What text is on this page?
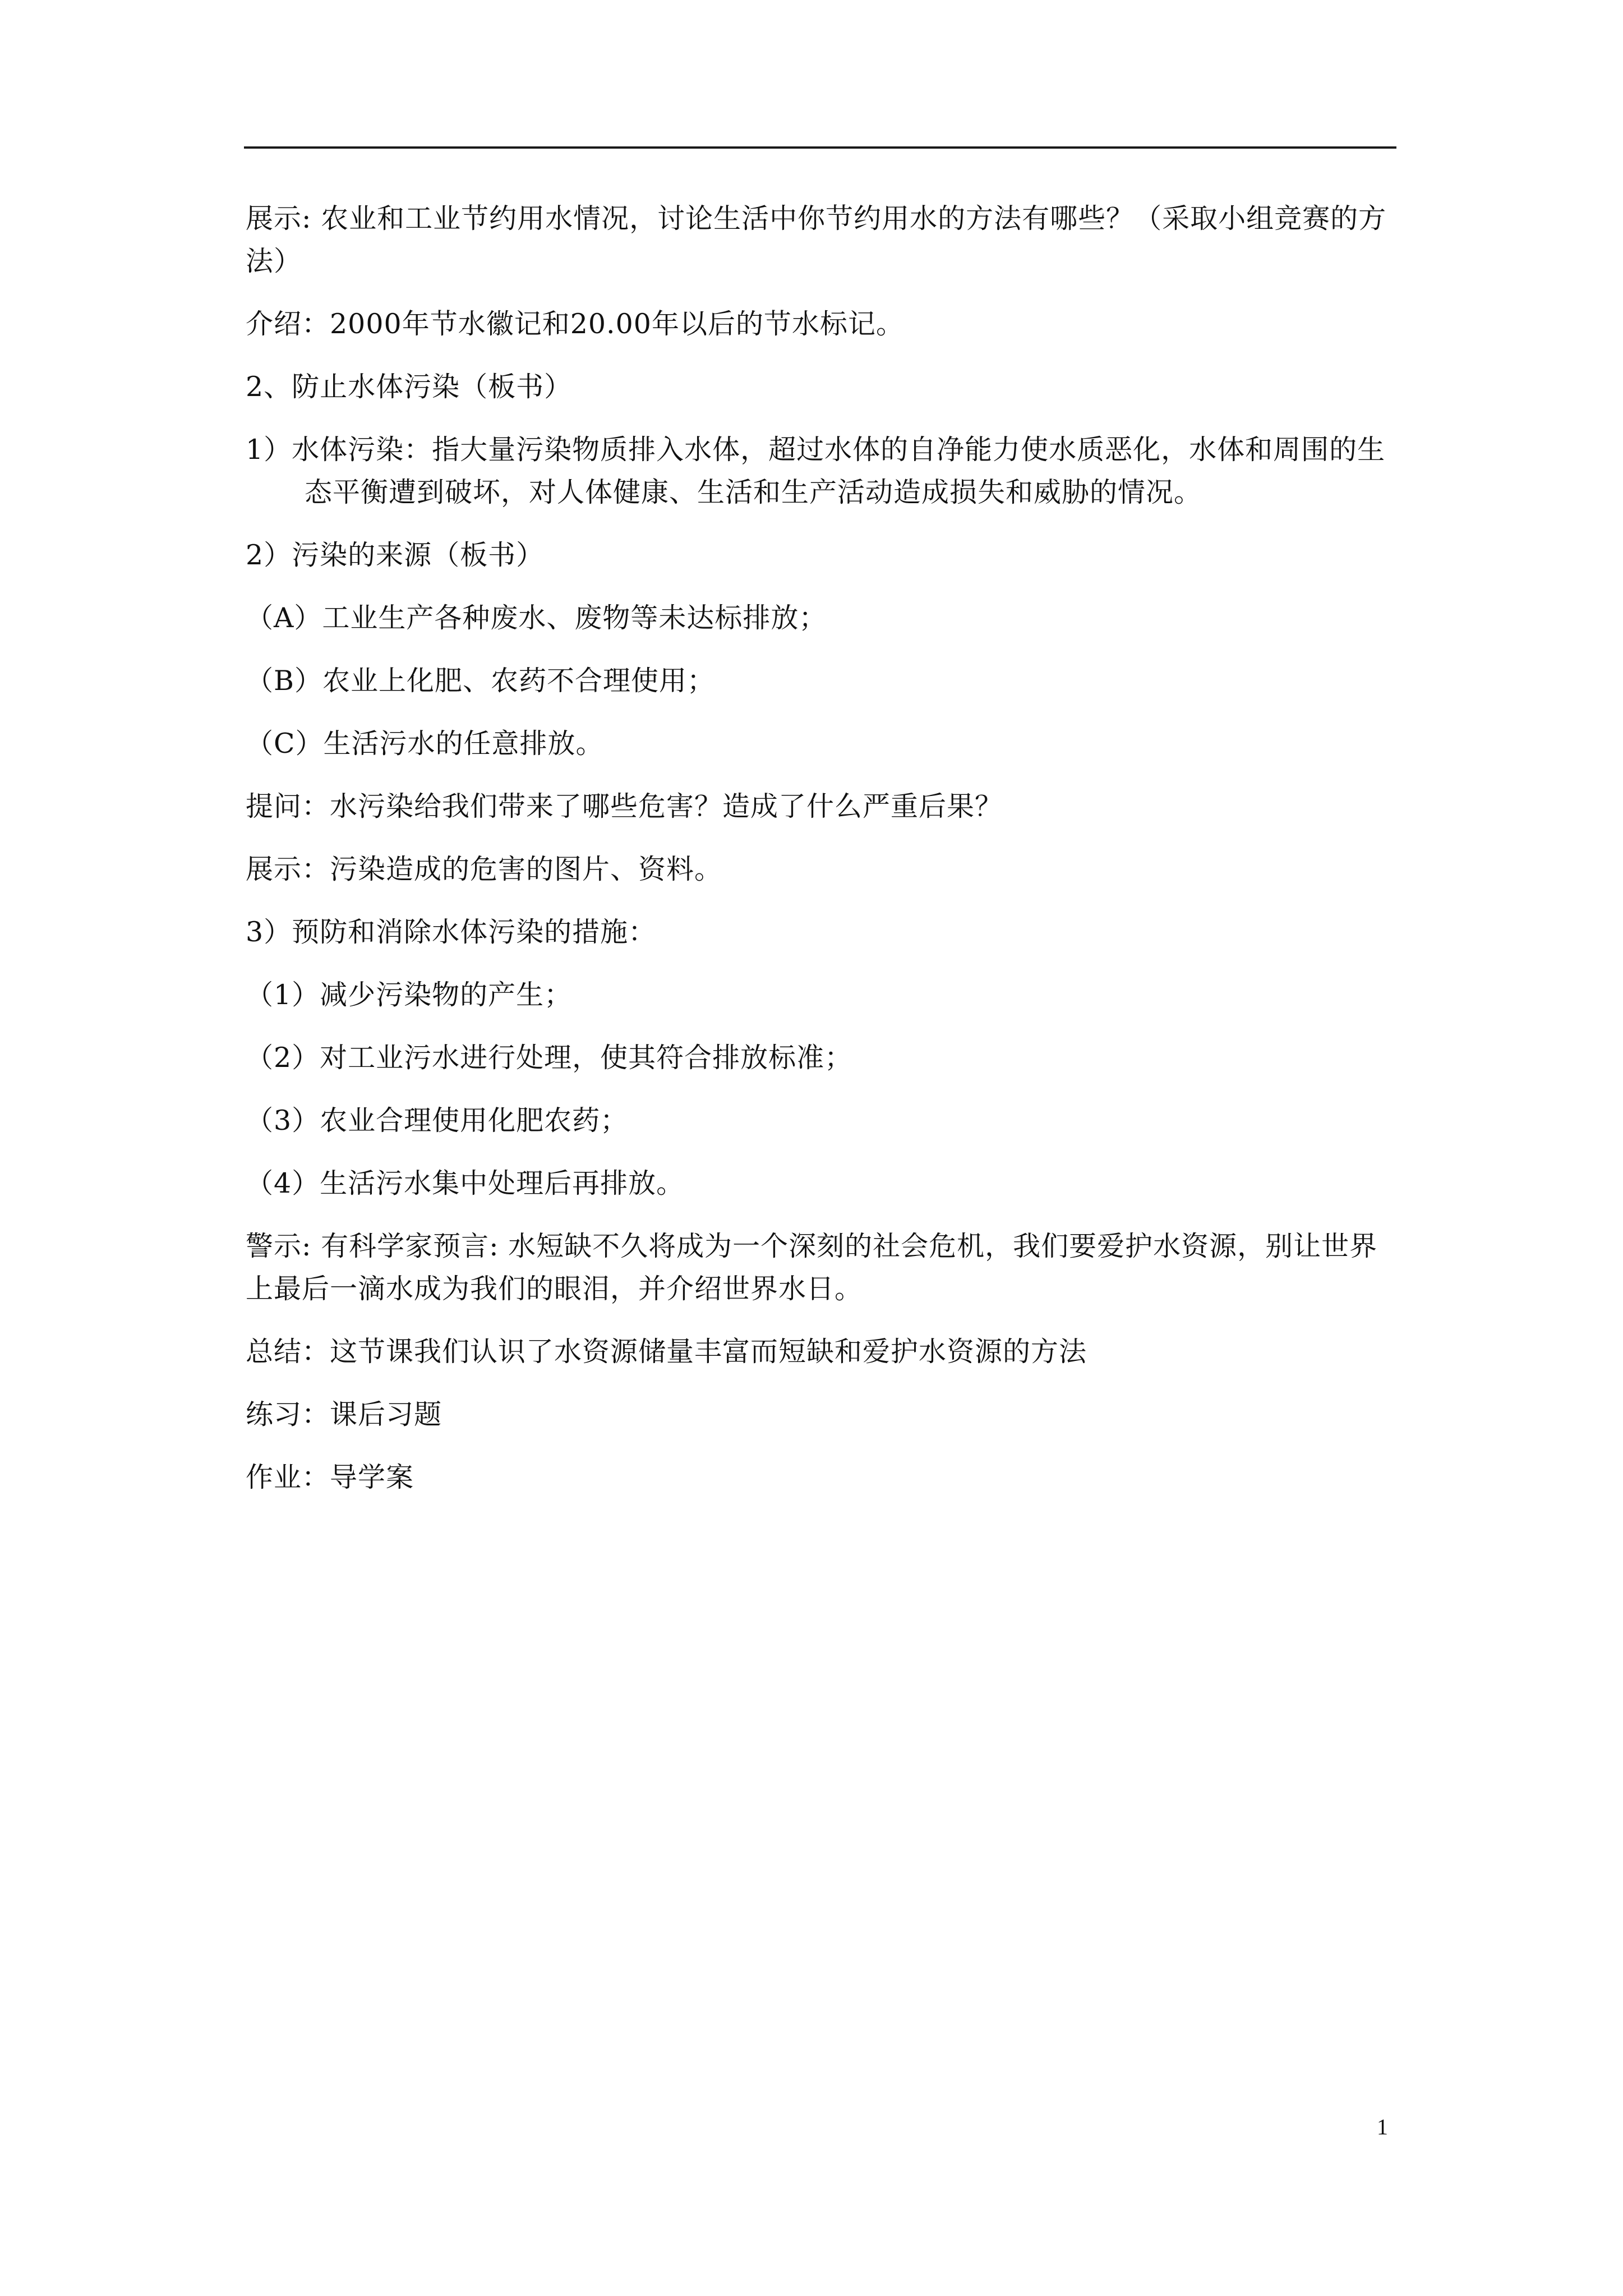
展示: 农业和工业节约用水情况，讨论生活中你节约用水的方法有哪些？（采取小组竞赛的方法）

介绍：2000年节水徽记和20.00年以后的节水标记。

2、防止水体污染（板书）

1）水体污染：指大量污染物质排入水体，超过水体的自净能力使水质恶化，水体和周围的生态平衡遭到破坏，对人体健康、生活和生产活动造成损失和威胁的情况。

2）污染的来源（板书）

（A）工业生产各种废水、废物等未达标排放；

（B）农业上化肥、农药不合理使用；

（C）生活污水的任意排放。

提问：水污染给我们带来了哪些危害？造成了什么严重后果？

展示：污染造成的危害的图片、资料。

3）预防和消除水体污染的措施：

（1）减少污染物的产生；

（2）对工业污水进行处理，使其符合排放标准；

（3）农业合理使用化肥农药；

（4）生活污水集中处理后再排放。

警示: 有科学家预言: 水短缺不久将成为一个深刻的社会危机，我们要爱护水资源，别让世界上最后一滴水成为我们的眼泪，并介绍世界水日。

总结：这节课我们认识了水资源储量丰富而短缺和爱护水资源的方法

练习：课后习题

作业：导学案

1
